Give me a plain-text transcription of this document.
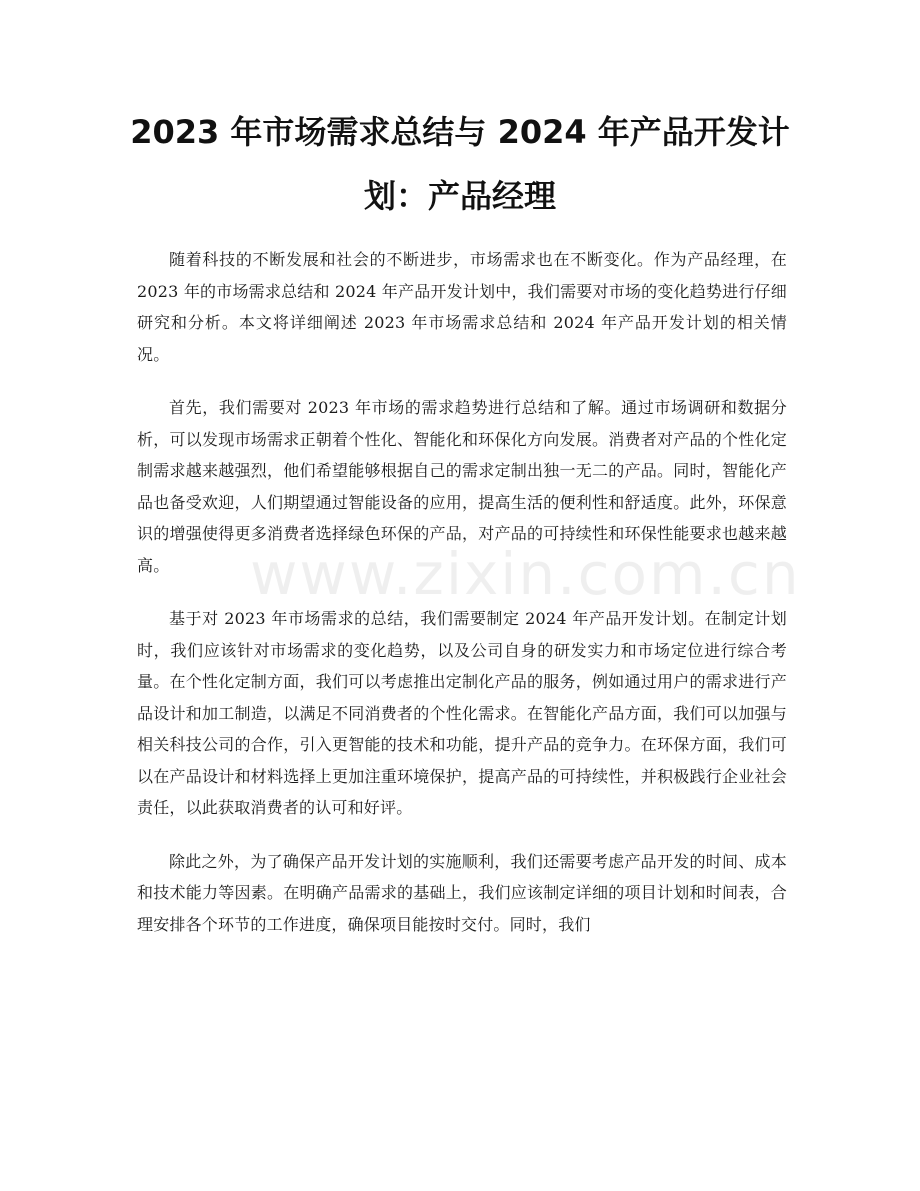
2023 年市场需求总结与 2024 年产品开发计划：产品经理

随着科技的不断发展和社会的不断进步，市场需求也在不断变化。作为产品经理，在 2023 年的市场需求总结和 2024 年产品开发计划中，我们需要对市场的变化趋势进行仔细研究和分析。本文将详细阐述 2023 年市场需求总结和 2024 年产品开发计划的相关情况。

首先，我们需要对 2023 年市场的需求趋势进行总结和了解。通过市场调研和数据分析，可以发现市场需求正朝着个性化、智能化和环保化方向发展。消费者对产品的个性化定制需求越来越强烈，他们希望能够根据自己的需求定制出独一无二的产品。同时，智能化产品也备受欢迎，人们期望通过智能设备的应用，提高生活的便利性和舒适度。此外，环保意识的增强使得更多消费者选择绿色环保的产品，对产品的可持续性和环保性能要求也越来越高。

基于对 2023 年市场需求的总结，我们需要制定 2024 年产品开发计划。在制定计划时，我们应该针对市场需求的变化趋势，以及公司自身的研发实力和市场定位进行综合考量。在个性化定制方面，我们可以考虑推出定制化产品的服务，例如通过用户的需求进行产品设计和加工制造，以满足不同消费者的个性化需求。在智能化产品方面，我们可以加强与相关科技公司的合作，引入更智能的技术和功能，提升产品的竞争力。在环保方面，我们可以在产品设计和材料选择上更加注重环境保护，提高产品的可持续性，并积极践行企业社会责任，以此获取消费者的认可和好评。

除此之外，为了确保产品开发计划的实施顺利，我们还需要考虑产品开发的时间、成本和技术能力等因素。在明确产品需求的基础上，我们应该制定详细的项目计划和时间表，合理安排各个环节的工作进度，确保项目能按时交付。同时，我们

www.zixin.com.cn
